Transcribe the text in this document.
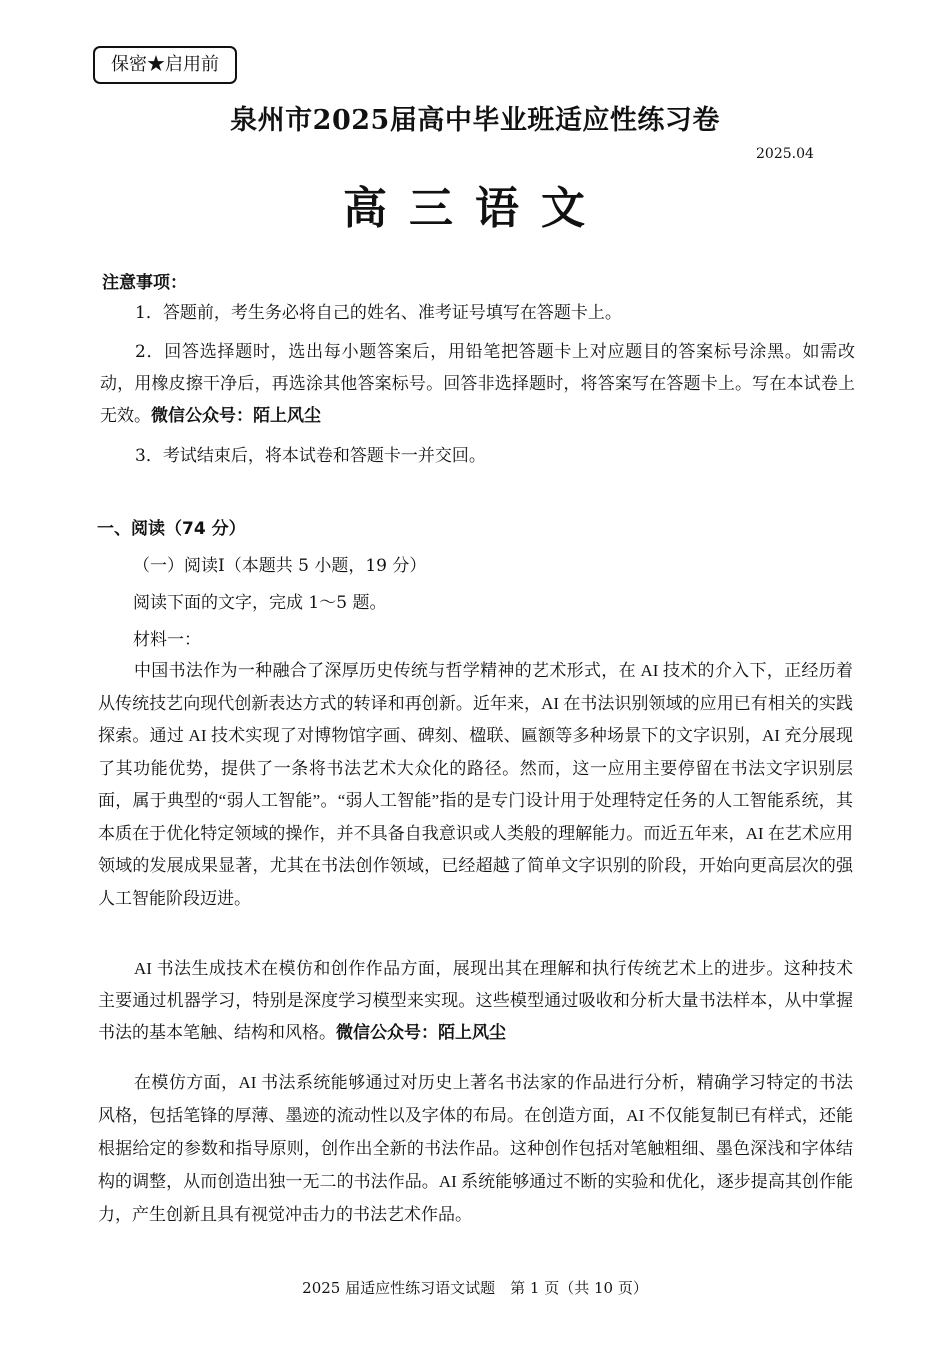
保密★启用前
泉州市2025届高中毕业班适应性练习卷
2025.04
高三语文
注意事项：
1．答题前，考生务必将自己的姓名、准考证号填写在答题卡上。
2．回答选择题时，选出每小题答案后，用铅笔把答题卡上对应题目的答案标号涂黑。如需改动，用橡皮擦干净后，再选涂其他答案标号。回答非选择题时，将答案写在答题卡上。写在本试卷上无效。微信公众号：陌上风尘
3．考试结束后，将本试卷和答题卡一并交回。
一、阅读（74 分）
（一）阅读Ⅰ（本题共 5 小题，19 分）
阅读下面的文字，完成 1～5 题。
材料一：
中国书法作为一种融合了深厚历史传统与哲学精神的艺术形式，在 AI 技术的介入下，正经历着从传统技艺向现代创新表达方式的转译和再创新。近年来，AI 在书法识别领域的应用已有相关的实践探索。通过 AI 技术实现了对博物馆字画、碑刻、楹联、匾额等多种场景下的文字识别，AI 充分展现了其功能优势，提供了一条将书法艺术大众化的路径。然而，这一应用主要停留在书法文字识别层面，属于典型的“弱人工智能”。“弱人工智能”指的是专门设计用于处理特定任务的人工智能系统，其本质在于优化特定领域的操作，并不具备自我意识或人类般的理解能力。而近五年来，AI 在艺术应用领域的发展成果显著，尤其在书法创作领域，已经超越了简单文字识别的阶段，开始向更高层次的强人工智能阶段迈进。
AI 书法生成技术在模仿和创作作品方面，展现出其在理解和执行传统艺术上的进步。这种技术主要通过机器学习，特别是深度学习模型来实现。这些模型通过吸收和分析大量书法样本，从中掌握书法的基本笔触、结构和风格。微信公众号：陌上风尘
在模仿方面，AI 书法系统能够通过对历史上著名书法家的作品进行分析，精确学习特定的书法风格，包括笔锋的厚薄、墨迹的流动性以及字体的布局。在创造方面，AI 不仅能复制已有样式，还能根据给定的参数和指导原则，创作出全新的书法作品。这种创作包括对笔触粗细、墨色深浅和字体结构的调整，从而创造出独一无二的书法作品。AI 系统能够通过不断的实验和优化，逐步提高其创作能力，产生创新且具有视觉冲击力的书法艺术作品。
2025 届适应性练习语文试题　第 1 页（共 10 页）
